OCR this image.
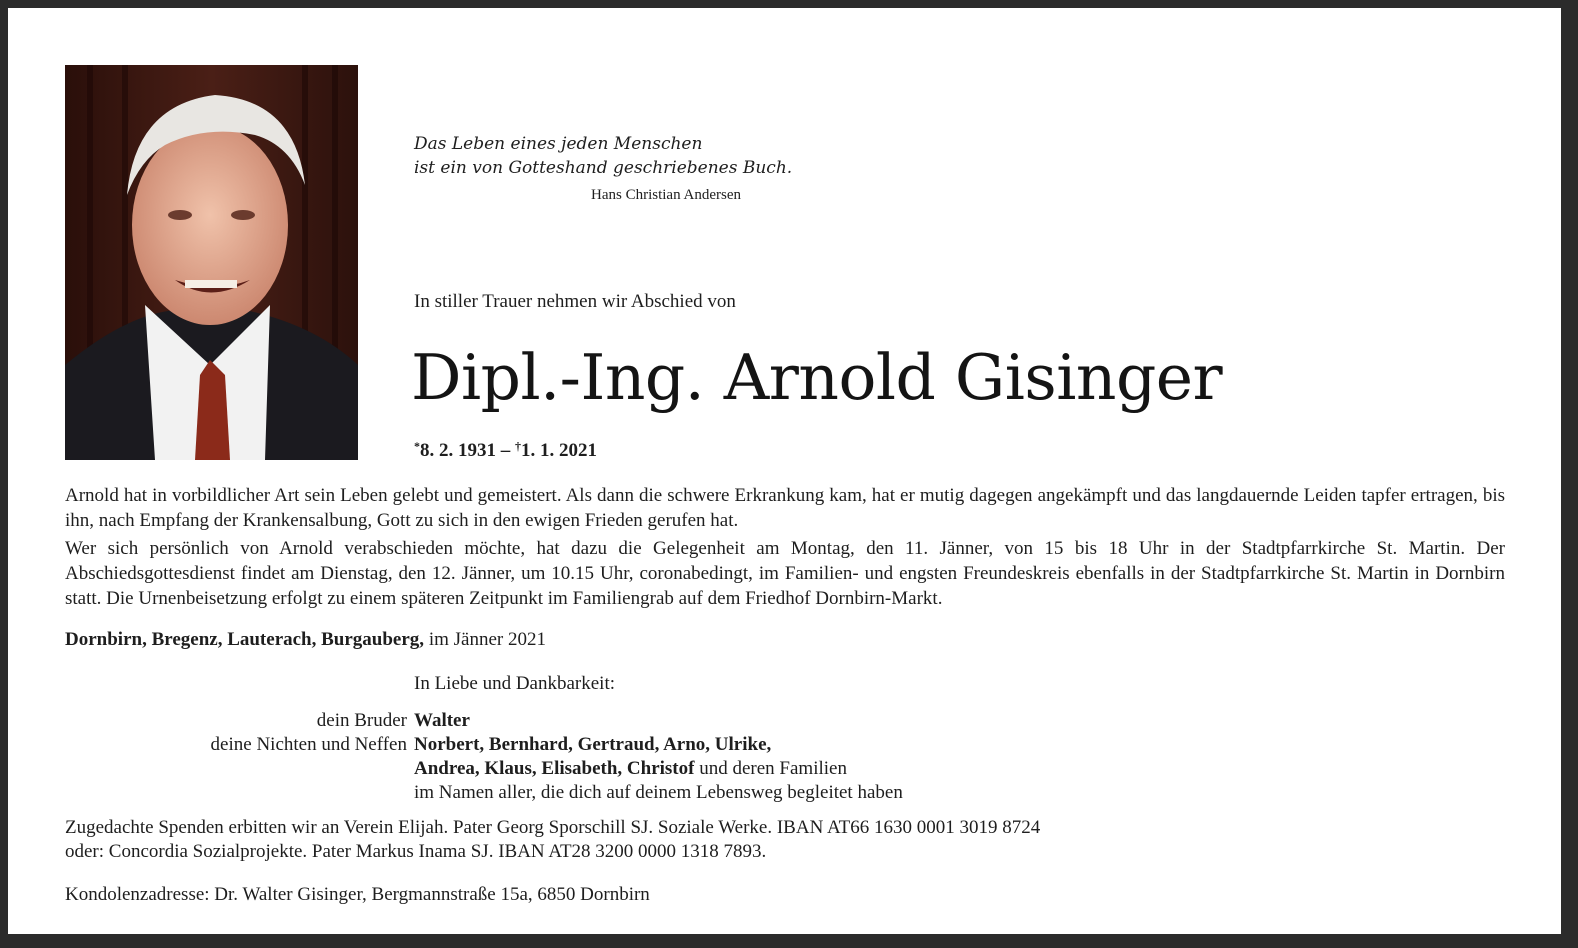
Das Leben eines jeden Menschen
ist ein von Gotteshand geschriebenes Buch.
Hans Christian Andersen
In stiller Trauer nehmen wir Abschied von
Dipl.-Ing. Arnold Gisinger
*8. 2. 1931 – †1. 1. 2021
Arnold hat in vorbildlicher Art sein Leben gelebt und gemeistert. Als dann die schwere Erkrankung kam, hat er mutig dagegen angekämpft und das langdauernde Leiden tapfer ertragen, bis ihn, nach Empfang der Krankensalbung, Gott zu sich in den ewigen Frieden gerufen hat.
Wer sich persönlich von Arnold verabschieden möchte, hat dazu die Gelegenheit am Montag, den 11. Jänner, von 15 bis 18 Uhr in der Stadtpfarrkirche St. Martin. Der Abschiedsgottesdienst findet am Dienstag, den 12. Jänner, um 10.15 Uhr, coronabedingt, im Familien- und engsten Freundeskreis ebenfalls in der Stadtpfarrkirche St. Martin in Dornbirn statt. Die Urnenbeisetzung erfolgt zu einem späteren Zeitpunkt im Familiengrab auf dem Friedhof Dornbirn-Markt.
Dornbirn, Bregenz, Lauterach, Burgauberg, im Jänner 2021
In Liebe und Dankbarkeit:
dein Bruder Walter
deine Nichten und Neffen Norbert, Bernhard, Gertraud, Arno, Ulrike,
Andrea, Klaus, Elisabeth, Christof und deren Familien
im Namen aller, die dich auf deinem Lebensweg begleitet haben
Zugedachte Spenden erbitten wir an Verein Elijah. Pater Georg Sporschill SJ. Soziale Werke. IBAN AT66 1630 0001 3019 8724
oder: Concordia Sozialprojekte. Pater Markus Inama SJ. IBAN AT28 3200 0000 1318 7893.
Kondolenzadresse: Dr. Walter Gisinger, Bergmannstraße 15a, 6850 Dornbirn
